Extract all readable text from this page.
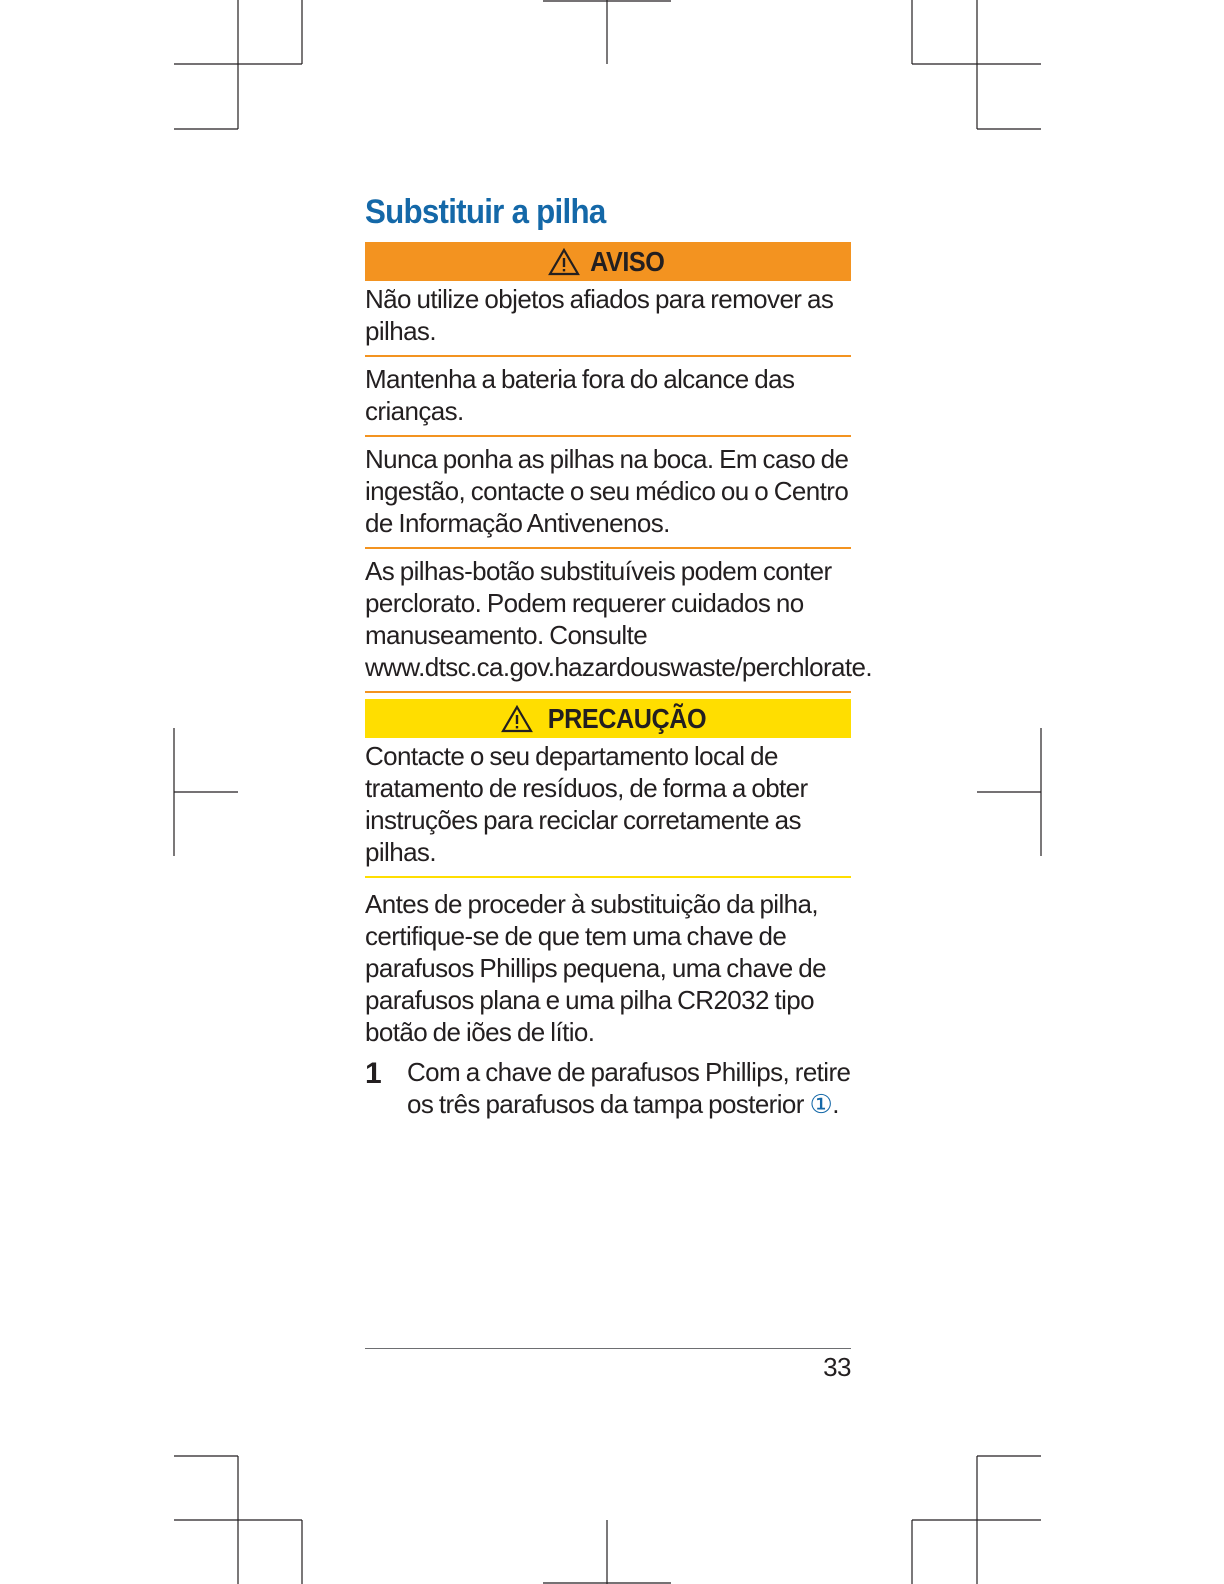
Substituir a pilha
AVISO
Não utilize objetos afiados para remover as pilhas.
Mantenha a bateria fora do alcance das crianças.
Nunca ponha as pilhas na boca. Em caso de ingestão, contacte o seu médico ou o Centro de Informação Antivenenos.
As pilhas-botão substituíveis podem conter perclorato. Podem requerer cuidados no manuseamento. Consulte www.dtsc.ca.gov.hazardouswaste/perchlorate.
PRECAUÇÃO
Contacte o seu departamento local de tratamento de resíduos, de forma a obter instruções para reciclar corretamente as pilhas.
Antes de proceder à substituição da pilha, certifique-se de que tem uma chave de parafusos Phillips pequena, uma chave de parafusos plana e uma pilha CR2032 tipo botão de iões de lítio.
1 Com a chave de parafusos Phillips, retire os três parafusos da tampa posterior ①.
33
